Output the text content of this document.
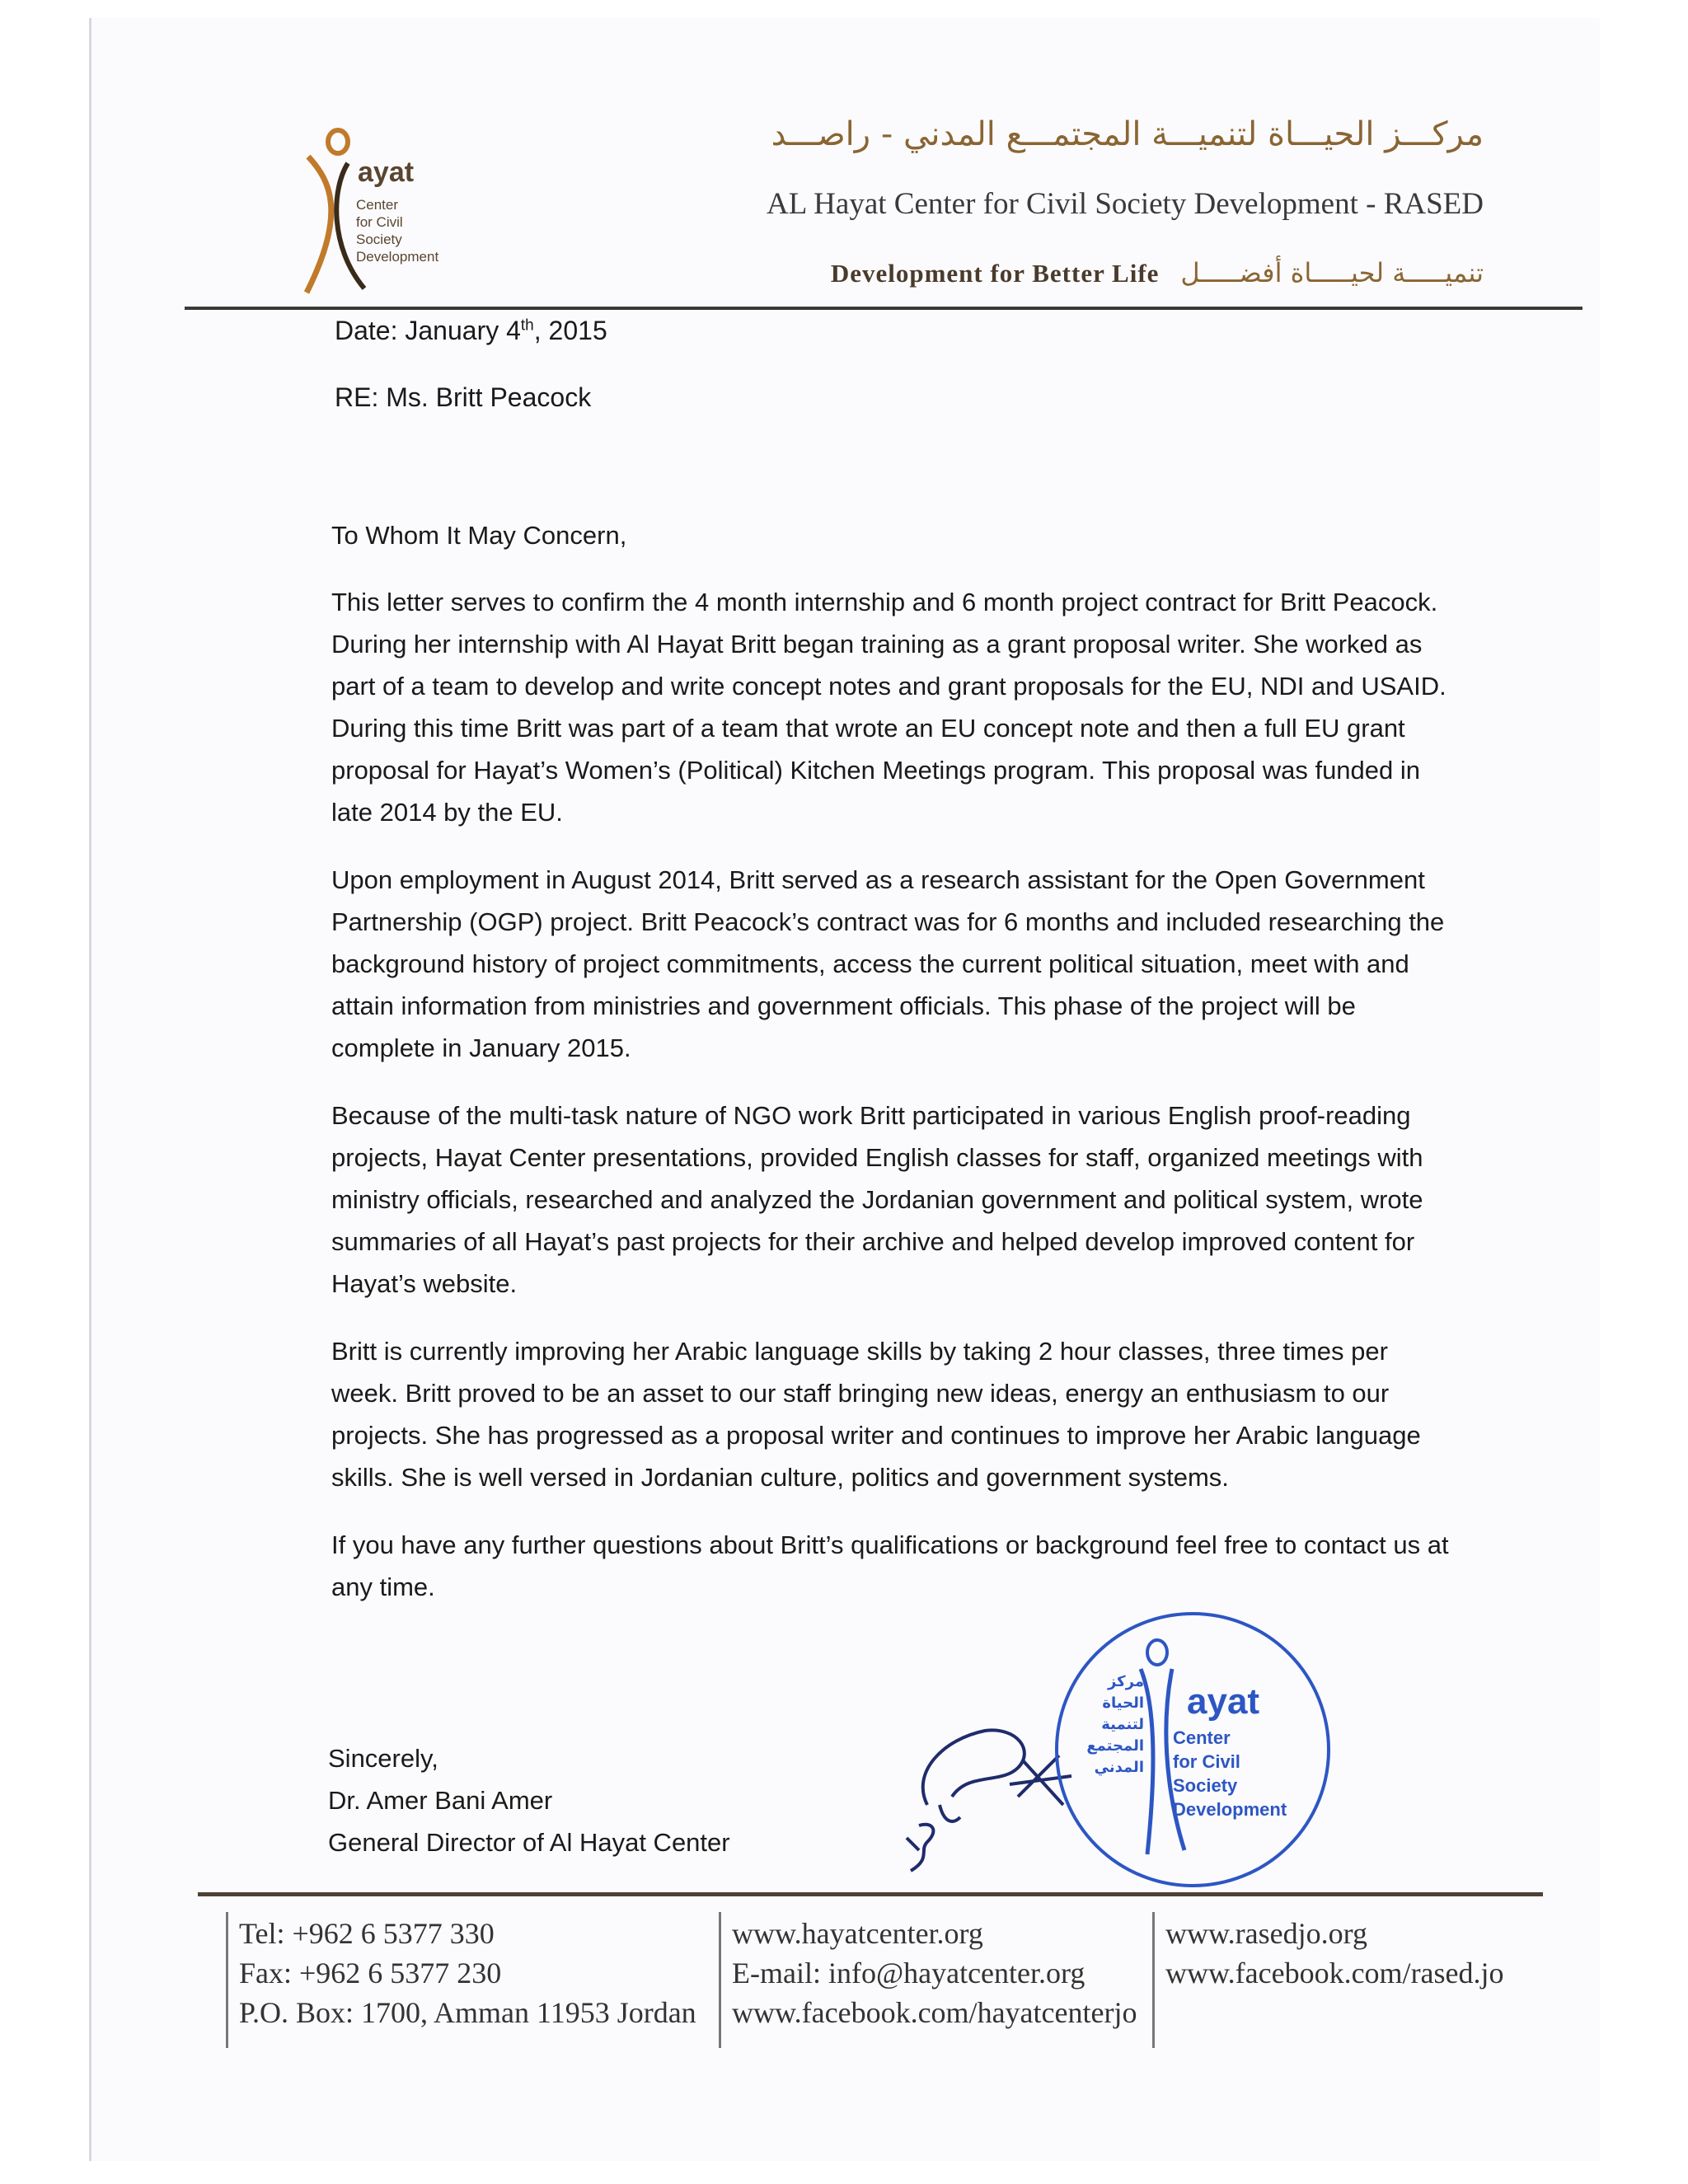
ayat
Center
for Civil
Society
Development
مركـــز الحيـــاة لتنميـــة المجتمـــع المدني - راصـــد
AL Hayat Center for Civil Society Development - RASED
Development for Better Life تنميـــــة لحيـــــاة أفضـــــل
Date: January 4th, 2015
RE: Ms. Britt Peacock

To Whom It May Concern,

This letter serves to confirm the 4 month internship and 6 month project contract for Britt Peacock. During her internship with Al Hayat Britt began training as a grant proposal writer. She worked as part of a team to develop and write concept notes and grant proposals for the EU, NDI and USAID. During this time Britt was part of a team that wrote an EU concept note and then a full EU grant proposal for Hayat’s Women’s (Political) Kitchen Meetings program. This proposal was funded in late 2014 by the EU.

Upon employment in August 2014, Britt served as a research assistant for the Open Government Partnership (OGP) project. Britt Peacock’s contract was for 6 months and included researching the background history of project commitments, access the current political situation, meet with and attain information from ministries and government officials. This phase of the project will be complete in January 2015.

Because of the multi-task nature of NGO work Britt participated in various English proof-reading projects, Hayat Center presentations, provided English classes for staff, organized meetings with ministry officials, researched and analyzed the Jordanian government and political system, wrote summaries of all Hayat’s past projects for their archive and helped develop improved content for Hayat’s website.

Britt is currently improving her Arabic language skills by taking 2 hour classes, three times per week. Britt proved to be an asset to our staff bringing new ideas, energy an enthusiasm to our projects. She has progressed as a proposal writer and continues to improve her Arabic language skills. She is well versed in Jordanian culture, politics and government systems.

If you have any further questions about Britt’s qualifications or background feel free to contact us at any time.

Sincerely,
Dr. Amer Bani Amer
General Director of Al Hayat Center
مركز
الحياة
لتنمية
المجتمع
المدني
ayat
Center
for Civil
Society
Development
Tel: +962 6 5377 330
Fax: +962 6 5377 230
P.O. Box: 1700, Amman 11953 Jordan
www.hayatcenter.org
E-mail: info@hayatcenter.org
www.facebook.com/hayatcenterjo
www.rasedjo.org
www.facebook.com/rased.jo
